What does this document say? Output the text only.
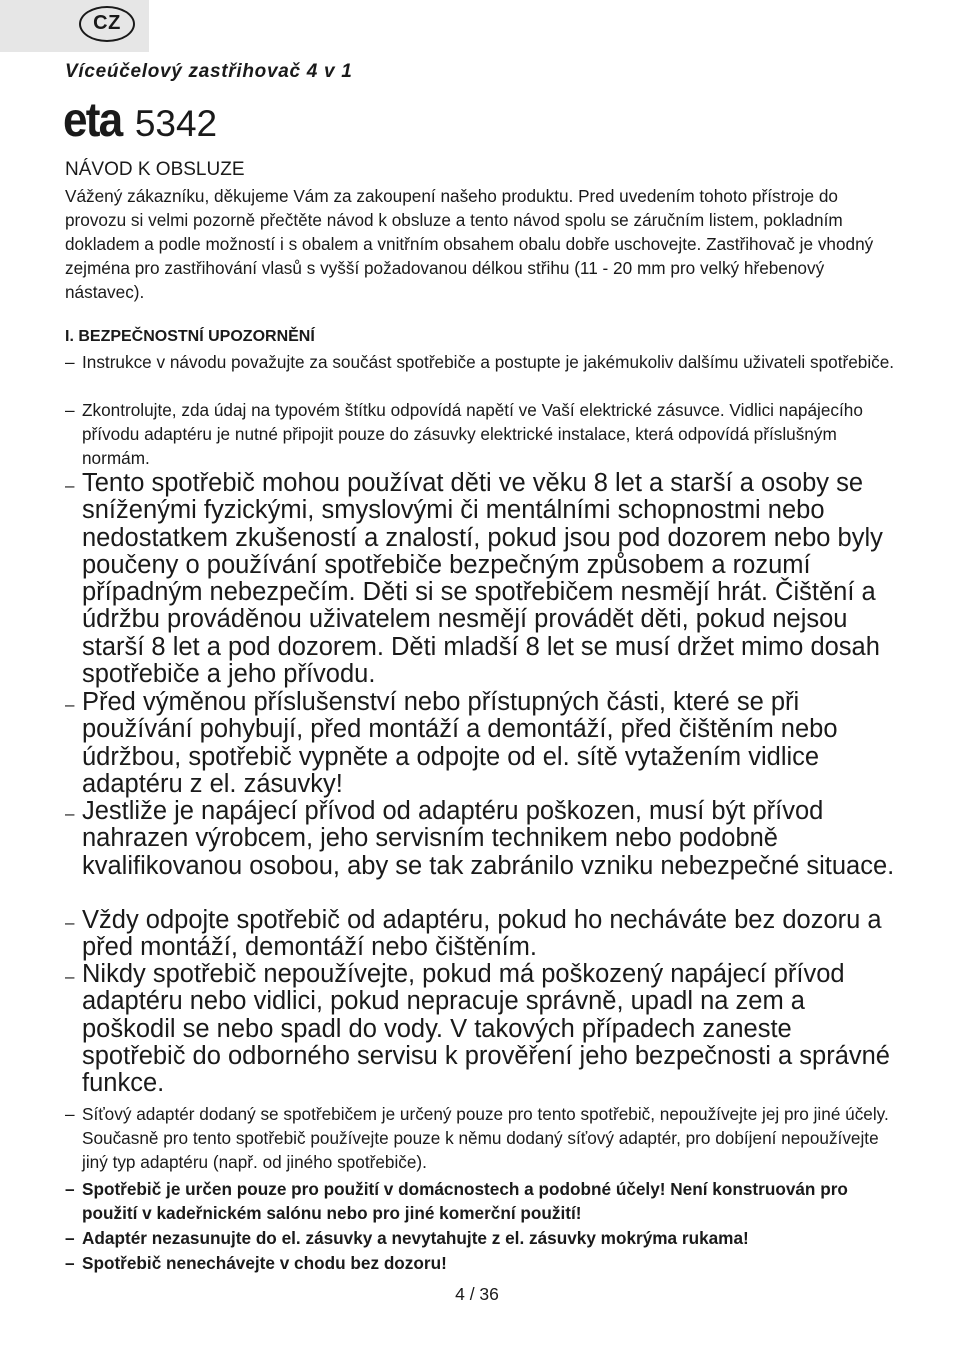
CZ
Víceúčelový zastřihovač 4 v 1
eta 5342
NÁVOD K OBSLUZE
Vážený zákazníku, děkujeme Vám za zakoupení našeho produktu. Pred uvedením tohoto přístroje do provozu si velmi pozorně přečtěte návod k obsluze a tento návod spolu se záručním listem, pokladním dokladem a podle možností i s obalem a vnitřním obsahem obalu dobře uschovejte. Zastřihovač je vhodný zejména pro zastřihování vlasů s vyšší požadovanou délkou střihu (11 - 20 mm pro velký hřebenový nástavec).
I. BEZPEČNOSTNÍ UPOZORNĚNÍ
– Instrukce v návodu považujte za součást spotřebiče a postupte je jakémukoliv dalšímu uživateli spotřebiče.
– Zkontrolujte, zda údaj na typovém štítku odpovídá napětí ve Vaší elektrické zásuvce. Vidlici napájecího přívodu adaptéru je nutné připojit pouze do zásuvky elektrické instalace, která odpovídá příslušným normám.
– Tento spotřebič mohou používat děti ve věku 8 let a starší a osoby se sníženými fyzickými, smyslovými či mentálními schopnostmi nebo nedostatkem zkušeností a znalostí, pokud jsou pod dozorem nebo byly poučeny o používání spotřebiče bezpečným způsobem a rozumí případným nebezpečím. Děti si se spotřebičem nesmějí hrát. Čištění a údržbu prováděnou uživatelem nesmějí provádět děti, pokud nejsou starší 8 let a pod dozorem. Děti mladší 8 let se musí držet mimo dosah spotřebiče a jeho přívodu.
– Před výměnou příslušenství nebo přístupných části, které se při používání pohybují, před montáží a demontáží, před čištěním nebo údržbou, spotřebič vypněte a odpojte od el. sítě vytažením vidlice adaptéru z el. zásuvky!
– Jestliže je napájecí přívod od adaptéru poškozen, musí být přívod nahrazen výrobcem, jeho servisním technikem nebo podobně kvalifikovanou osobou, aby se tak zabránilo vzniku nebezpečné situace.
– Vždy odpojte spotřebič od adaptéru, pokud ho necháváte bez dozoru a před montáží, demontáží nebo čištěním.
– Nikdy spotřebič nepoužívejte, pokud má poškozený napájecí přívod adaptéru nebo vidlici, pokud nepracuje správně, upadl na zem a poškodil se nebo spadl do vody. V takových případech zaneste spotřebič do odborného servisu k prověření jeho bezpečnosti a správné funkce.
– Síťový adaptér dodaný se spotřebičem je určený pouze pro tento spotřebič, nepoužívejte jej pro jiné účely. Současně pro tento spotřebič používejte pouze k němu dodaný síťový adaptér, pro dobíjení nepoužívejte jiný typ adaptéru (např. od jiného spotřebiče).
– Spotřebič je určen pouze pro použití v domácnostech a podobné účely! Není konstruován pro použití v kadeřnickém salónu nebo pro jiné komerční použití!
– Adaptér nezasunujte do el. zásuvky a nevytahujte z el. zásuvky mokrýma rukama!
– Spotřebič nenechávejte v chodu bez dozoru!
4 / 36
